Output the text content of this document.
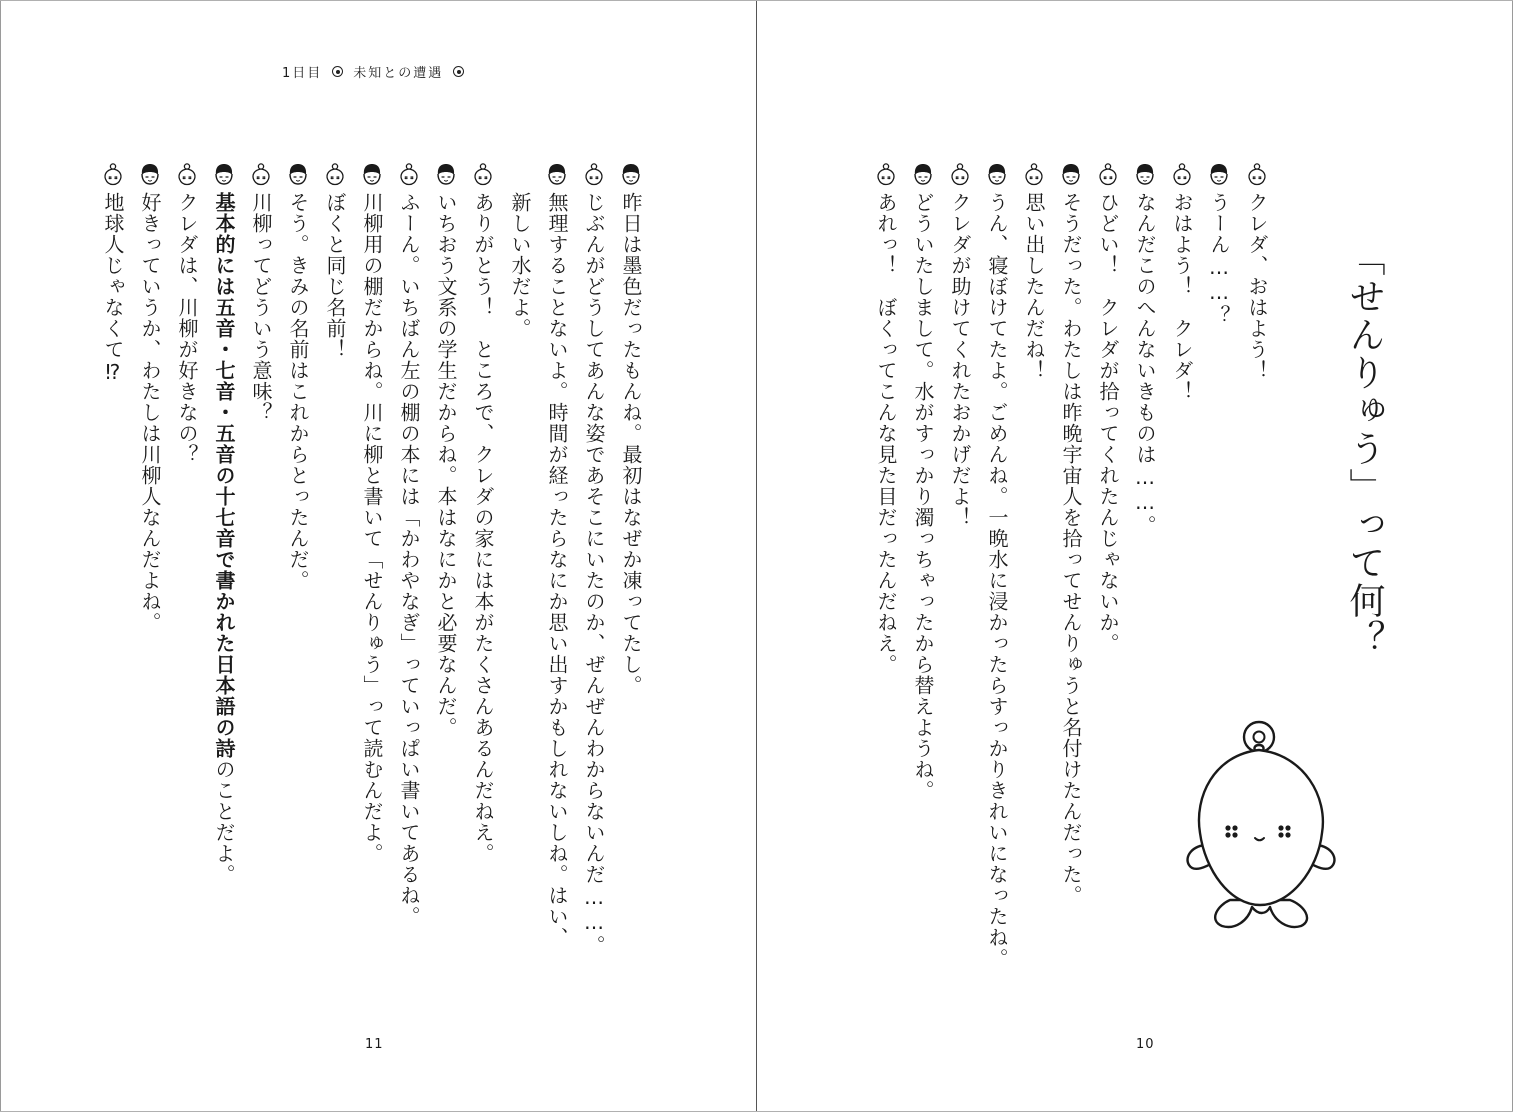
1日目 未知との遭遇
「せんりゅう」って何？
クレダ、おはよう！
うーん……？
おはよう！　クレダ！
なんだこのへんないきものは……。
ひどい！　クレダが拾ってくれたんじゃないか。
そうだった。わたしは昨晩宇宙人を拾ってせんりゅうと名付けたんだった。
思い出したんだね！
うん、寝ぼけてたよ。ごめんね。一晩水に浸かったらすっかりきれいになったね。
クレダが助けてくれたおかげだよ！
どういたしまして。水がすっかり濁っちゃったから替えようね。
あれっ！　ぼくってこんな見た目だったんだねえ。
昨日は墨色だったもんね。最初はなぜか凍ってたし。
じぶんがどうしてあんな姿であそこにいたのか、ぜんぜんわからないんだ……。
無理することないよ。時間が経ったらなにか思い出すかもしれないしね。はい、
新しい水だよ。
ありがとう！　ところで、クレダの家には本がたくさんあるんだねえ。
いちおう文系の学生だからね。本はなにかと必要なんだ。
ふーん。いちばん左の棚の本には「かわやなぎ」っていっぱい書いてあるね。
川柳用の棚だからね。川に柳と書いて「せんりゅう」って読むんだよ。
ぼくと同じ名前！
そう。きみの名前はこれからとったんだ。
川柳ってどういう意味？
基本的には五音・七音・五音の十七音で書かれた日本語の詩のことだよ。
クレダは、川柳が好きなの？
好きっていうか、わたしは川柳人なんだよね。
地球人じゃなくて⁉
11	10
